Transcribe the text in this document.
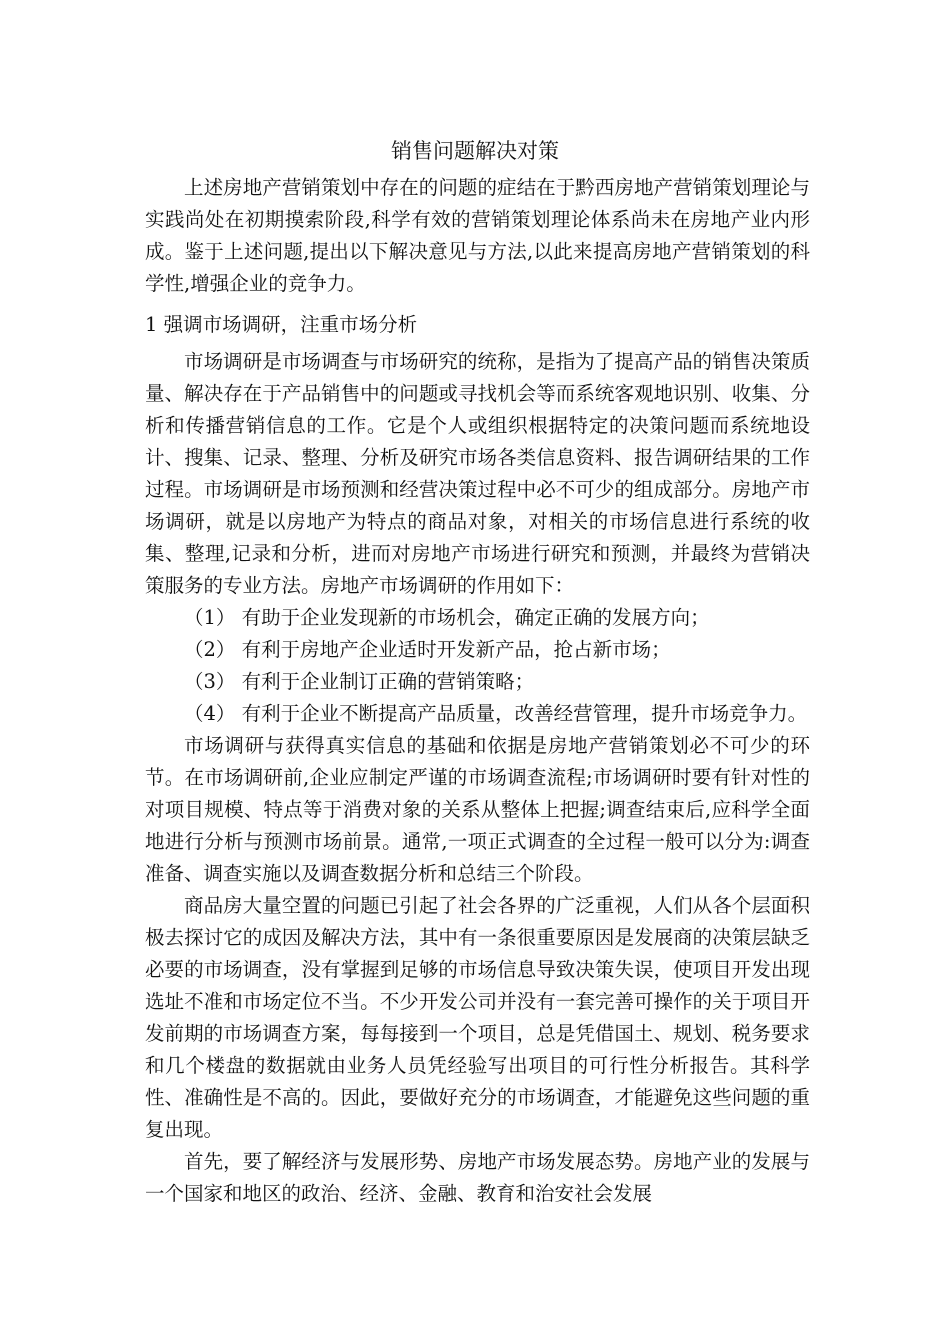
销售问题解决对策

上述房地产营销策划中存在的问题的症结在于黔西房地产营销策划理论与实践尚处在初期摸索阶段,科学有效的营销策划理论体系尚未在房地产业内形成。鉴于上述问题,提出以下解决意见与方法,以此来提高房地产营销策划的科学性,增强企业的竞争力。

1 强调市场调研，注重市场分析

市场调研是市场调查与市场研究的统称，是指为了提高产品的销售决策质量、解决存在于产品销售中的问题或寻找机会等而系统客观地识别、收集、分析和传播营销信息的工作。它是个人或组织根据特定的决策问题而系统地设计、搜集、记录、整理、分析及研究市场各类信息资料、报告调研结果的工作过程。市场调研是市场预测和经营决策过程中必不可少的组成部分。房地产市场调研，就是以房地产为特点的商品对象，对相关的市场信息进行系统的收集、整理,记录和分析，进而对房地产市场进行研究和预测，并最终为营销决策服务的专业方法。房地产市场调研的作用如下：

（1） 有助于企业发现新的市场机会，确定正确的发展方向；

（2） 有利于房地产企业适时开发新产品，抢占新市场；

（3） 有利于企业制订正确的营销策略；

（4） 有利于企业不断提高产品质量，改善经营管理，提升市场竞争力。

市场调研与获得真实信息的基础和依据是房地产营销策划必不可少的环节。在市场调研前,企业应制定严谨的市场调查流程;市场调研时要有针对性的对项目规模、特点等于消费对象的关系从整体上把握;调查结束后,应科学全面地进行分析与预测市场前景。通常,一项正式调查的全过程一般可以分为:调查准备、调查实施以及调查数据分析和总结三个阶段。

商品房大量空置的问题已引起了社会各界的广泛重视，人们从各个层面积极去探讨它的成因及解决方法，其中有一条很重要原因是发展商的决策层缺乏必要的市场调查，没有掌握到足够的市场信息导致决策失误，使项目开发出现选址不准和市场定位不当。不少开发公司并没有一套完善可操作的关于项目开发前期的市场调查方案，每每接到一个项目，总是凭借国土、规划、税务要求和几个楼盘的数据就由业务人员凭经验写出项目的可行性分析报告。其科学性、准确性是不高的。因此，要做好充分的市场调查，才能避免这些问题的重复出现。

首先，要了解经济与发展形势、房地产市场发展态势。房地产业的发展与一个国家和地区的政治、经济、金融、教育和治安社会发展
